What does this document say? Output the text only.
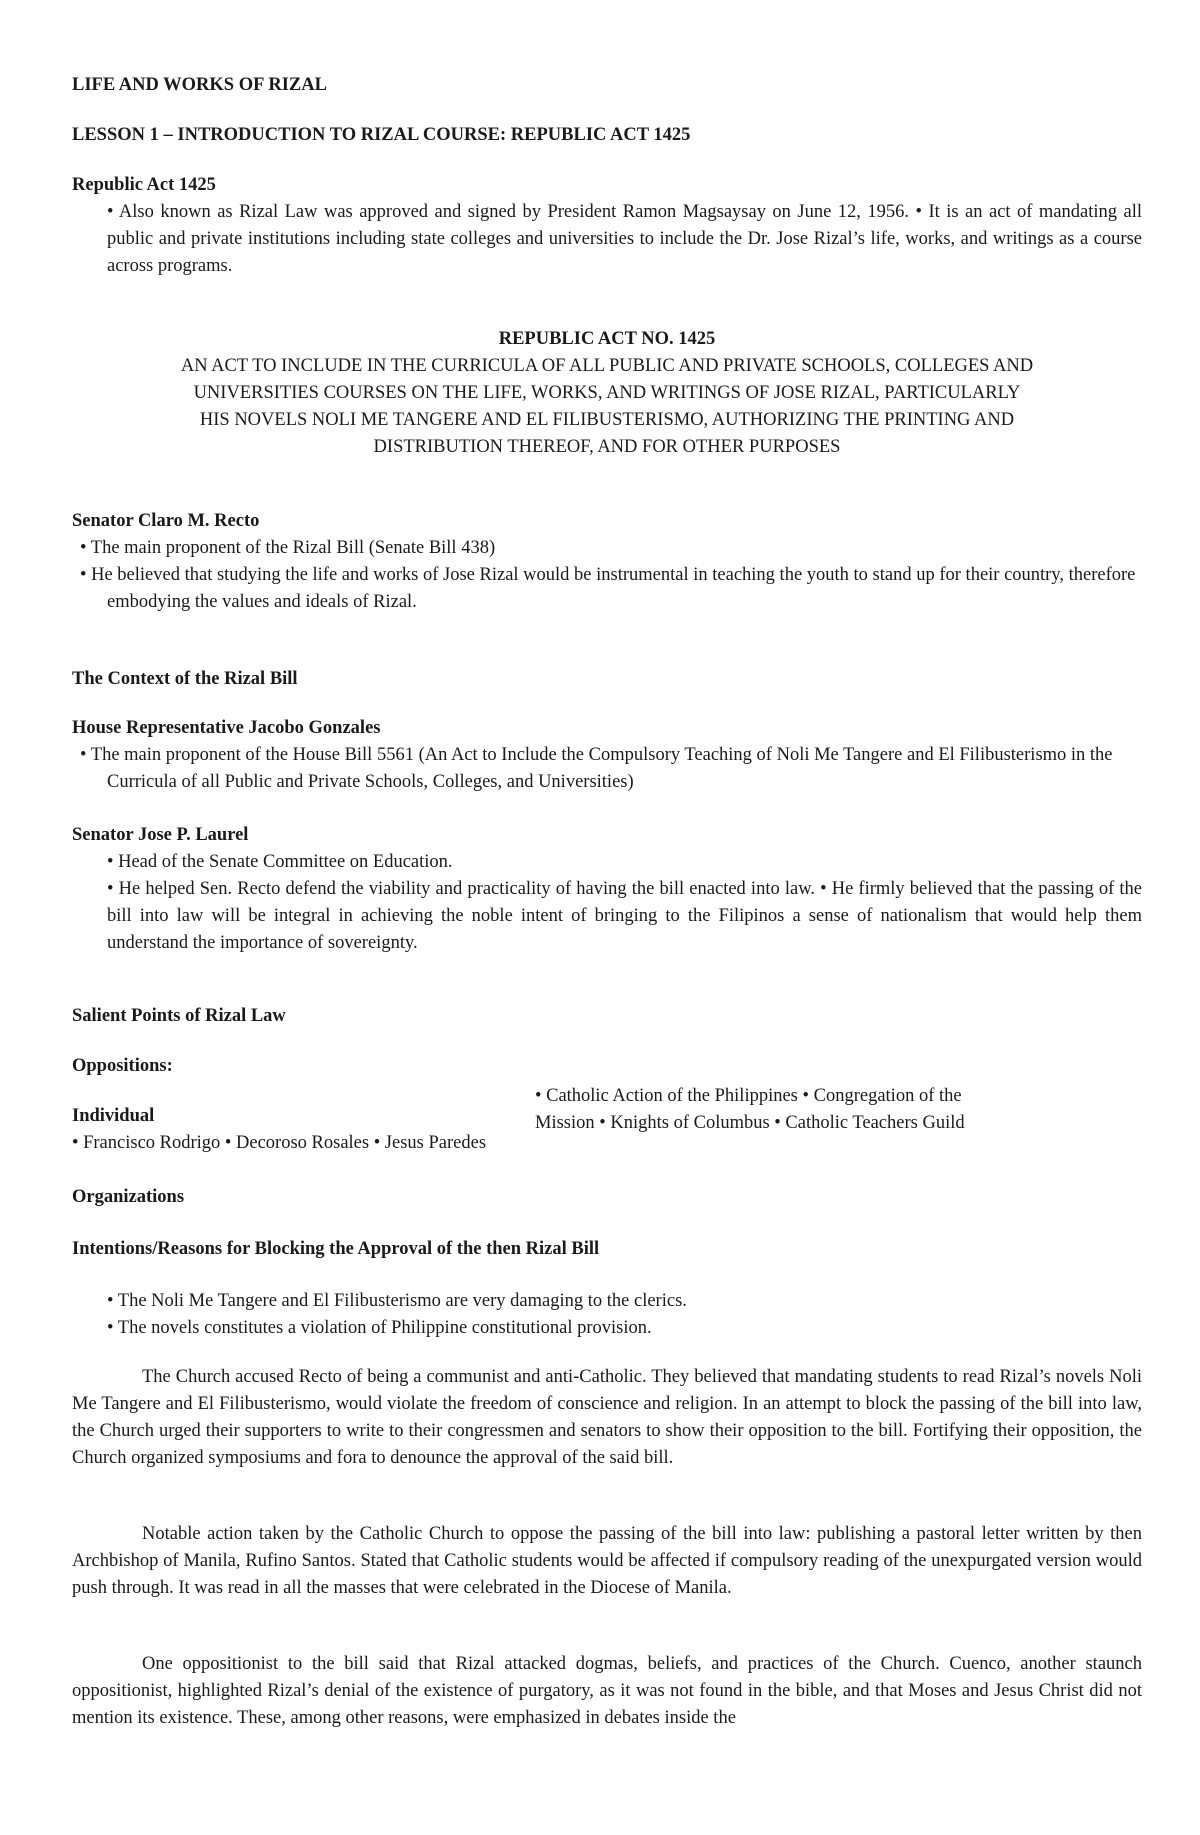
LIFE AND WORKS OF RIZAL

LESSON 1 – INTRODUCTION TO RIZAL COURSE: REPUBLIC ACT 1425

Republic Act 1425

• Also known as Rizal Law was approved and signed by President Ramon Magsaysay on June 12, 1956. • It is an act of mandating all public and private institutions including state colleges and universities to include the Dr. Jose Rizal’s life, works, and writings as a course across programs.

REPUBLIC ACT NO. 1425

AN ACT TO INCLUDE IN THE CURRICULA OF ALL PUBLIC AND PRIVATE SCHOOLS, COLLEGES AND
UNIVERSITIES COURSES ON THE LIFE, WORKS, AND WRITINGS OF JOSE RIZAL, PARTICULARLY
HIS NOVELS NOLI ME TANGERE AND EL FILIBUSTERISMO, AUTHORIZING THE PRINTING AND
DISTRIBUTION THEREOF, AND FOR OTHER PURPOSES

Senator Claro M. Recto

• The main proponent of the Rizal Bill (Senate Bill 438)

• He believed that studying the life and works of Jose Rizal would be instrumental in teaching the youth to stand up for their country, therefore embodying the values and ideals of Rizal.

The Context of the Rizal Bill

House Representative Jacobo Gonzales

• The main proponent of the House Bill 5561 (An Act to Include the Compulsory Teaching of Noli Me Tangere and El Filibusterismo in the Curricula of all Public and Private Schools, Colleges, and Universities)

Senator Jose P. Laurel

• Head of the Senate Committee on Education.

• He helped Sen. Recto defend the viability and practicality of having the bill enacted into law. • He firmly believed that the passing of the bill into law will be integral in achieving the noble intent of bringing to the Filipinos a sense of nationalism that would help them understand the importance of sovereignty.

Salient Points of Rizal Law

Oppositions:

Individual

• Francisco Rodrigo • Decoroso Rosales • Jesus Paredes

Organizations

• Catholic Action of the Philippines • Congregation of the Mission • Knights of Columbus • Catholic Teachers Guild

Intentions/Reasons for Blocking the Approval of the then Rizal Bill

• The Noli Me Tangere and El Filibusterismo are very damaging to the clerics.

• The novels constitutes a violation of Philippine constitutional provision.

The Church accused Recto of being a communist and anti-Catholic. They believed that mandating students to read Rizal’s novels Noli Me Tangere and El Filibusterismo, would violate the freedom of conscience and religion. In an attempt to block the passing of the bill into law, the Church urged their supporters to write to their congressmen and senators to show their opposition to the bill. Fortifying their opposition, the Church organized symposiums and fora to denounce the approval of the said bill.

Notable action taken by the Catholic Church to oppose the passing of the bill into law: publishing a pastoral letter written by then Archbishop of Manila, Rufino Santos. Stated that Catholic students would be affected if compulsory reading of the unexpurgated version would push through. It was read in all the masses that were celebrated in the Diocese of Manila.

One oppositionist to the bill said that Rizal attacked dogmas, beliefs, and practices of the Church. Cuenco, another staunch oppositionist, highlighted Rizal’s denial of the existence of purgatory, as it was not found in the bible, and that Moses and Jesus Christ did not mention its existence. These, among other reasons, were emphasized in debates inside the
